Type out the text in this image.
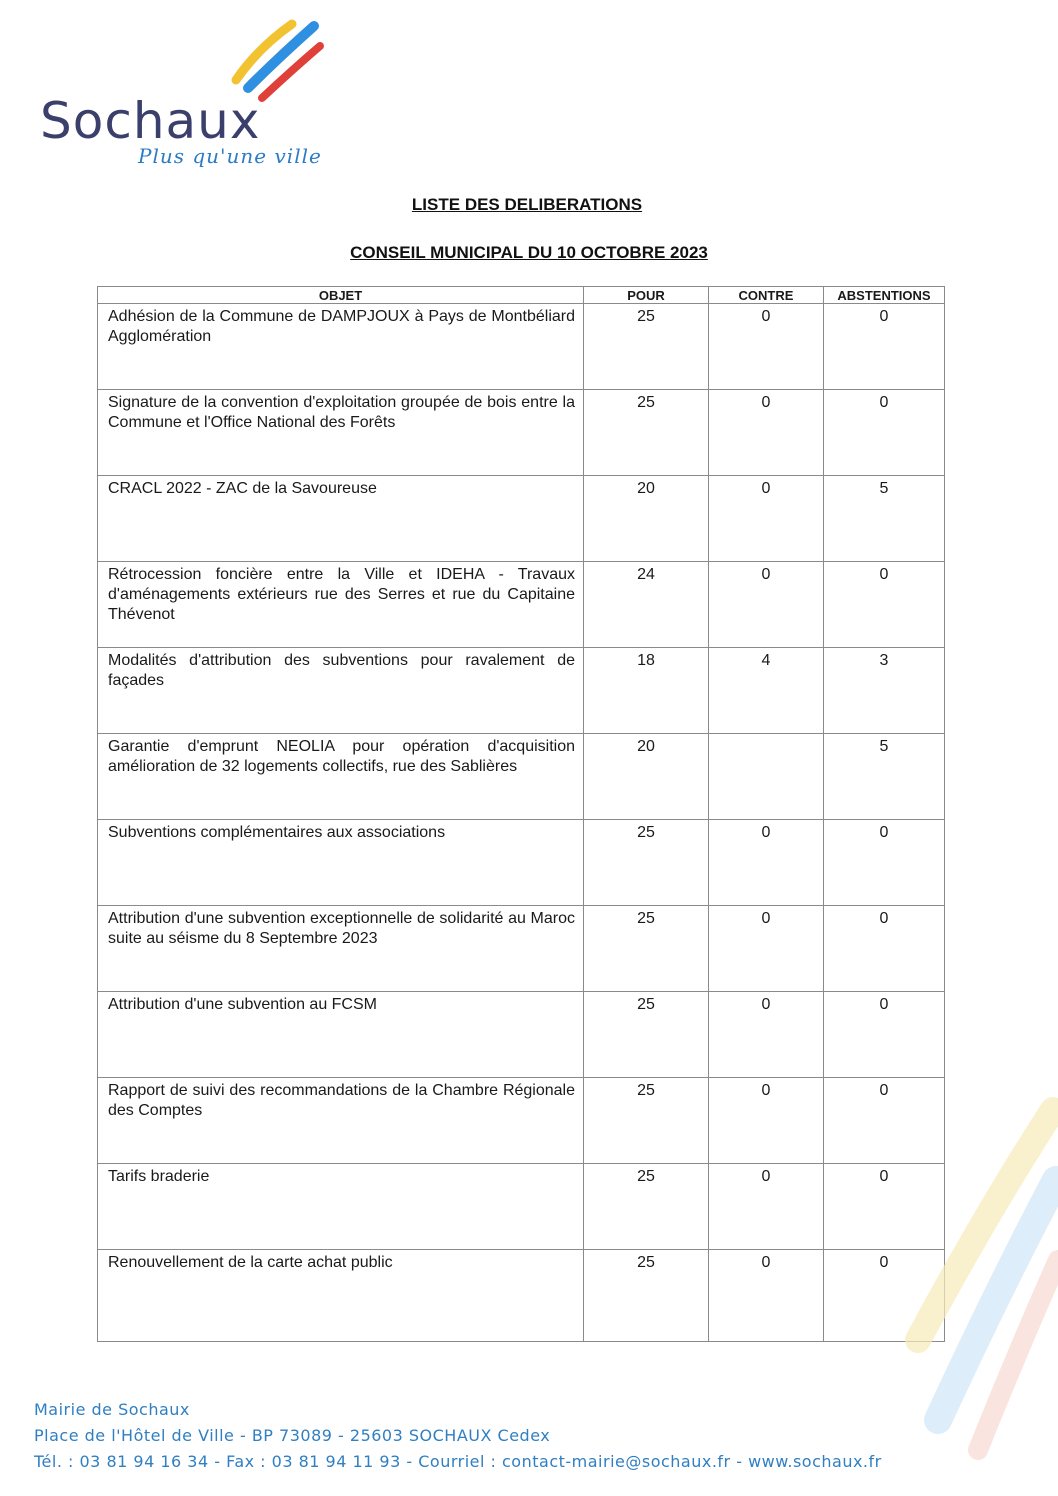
Sochaux
Plus qu'une ville
LISTE DES DELIBERATIONS
CONSEIL MUNICIPAL DU 10 OCTOBRE 2023
OBJET	POUR	CONTRE	ABSTENTIONS
Adhésion de la Commune de DAMPJOUX à Pays de Montbéliard Agglomération	25	0	0
Signature de la convention d'exploitation groupée de bois entre la Commune et l'Office National des Forêts	25	0	0
CRACL 2022 - ZAC de la Savoureuse	20	0	5
Rétrocession foncière entre la Ville et IDEHA - Travaux d'aménagements extérieurs rue des Serres et rue du Capitaine Thévenot	24	0	0
Modalités d'attribution des subventions pour ravalement de façades	18	4	3
Garantie d'emprunt NEOLIA pour opération d'acquisition amélioration de 32 logements collectifs, rue des Sablières	20		5
Subventions complémentaires aux associations	25	0	0
Attribution d'une subvention exceptionnelle de solidarité au Maroc suite au séisme du 8 Septembre 2023	25	0	0
Attribution d'une subvention au FCSM	25	0	0
Rapport de suivi des recommandations de la Chambre Régionale des Comptes	25	0	0
Tarifs braderie	25	0	0
Renouvellement de la carte achat public	25	0	0
Mairie de Sochaux
Place de l'Hôtel de Ville - BP 73089 - 25603 SOCHAUX Cedex
Tél. : 03 81 94 16 34 - Fax : 03 81 94 11 93 - Courriel : contact-mairie@sochaux.fr - www.sochaux.fr
